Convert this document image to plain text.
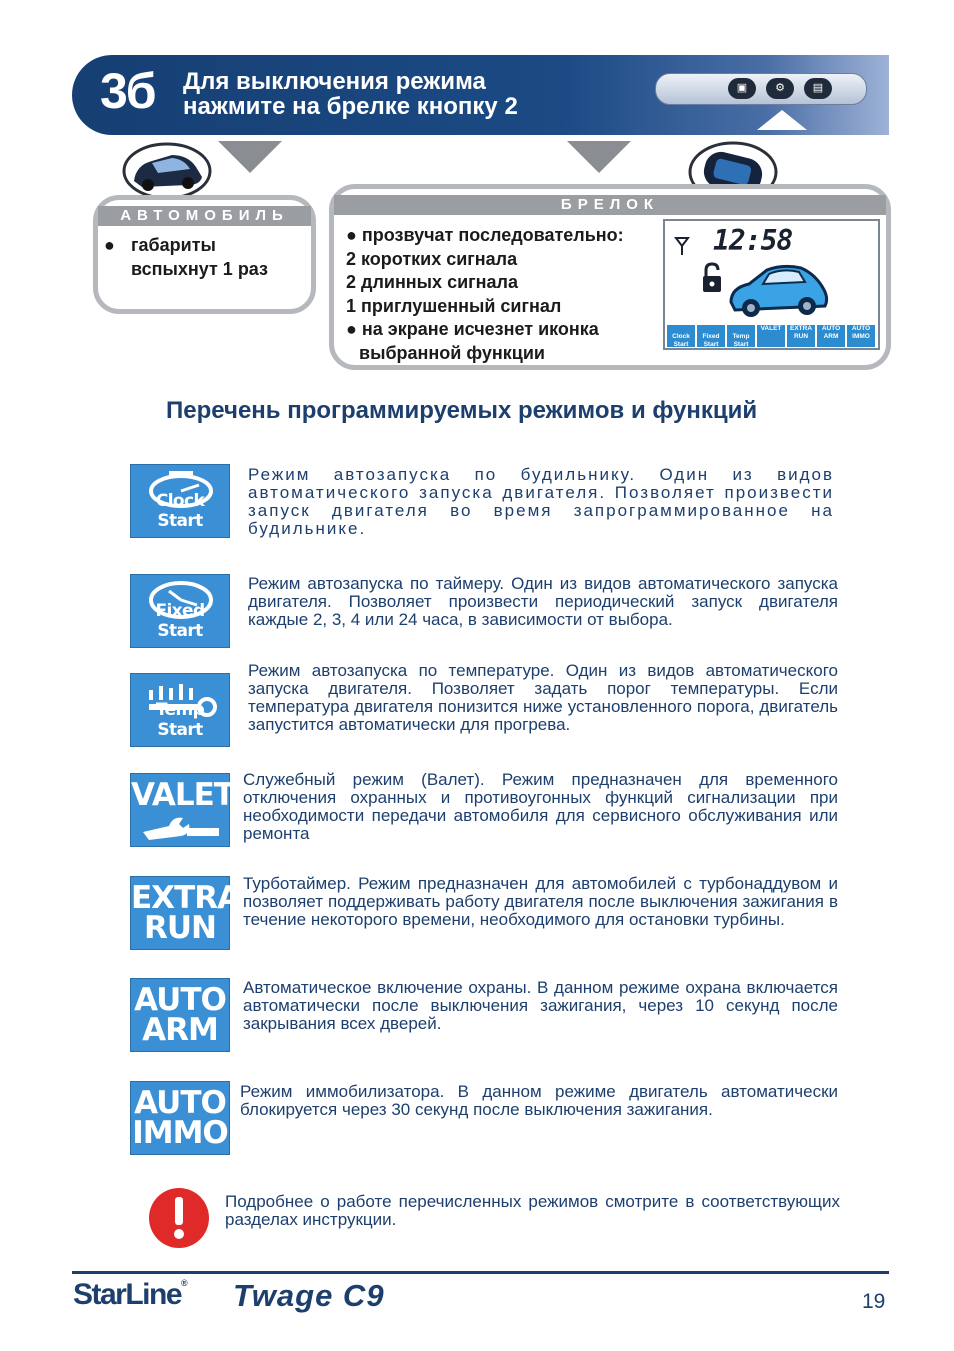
3б Для выключения режима
нажмите на брелке кнопку 2
▣	⚙	▤
АВТОМОБИЛЬ
● габариты
вспыхнут 1 раз
БРЕЛОК
● прозвучат последовательно:
2 коротких сигнала
2 длинных сигнала
1 приглушенный сигнал
● на экране исчезнет иконка
выбранной функции
12:58

Clock Start

Fixed Start

Temp Start
VALET	EXTRA RUN
AUTO ARM
AUTO IMMO
Перечень программируемых режимов и функций
Clock Start
Режим автозапуска по будильнику. Один из видов автоматического запуска двигателя. Позволяет произвести запуск двигателя во время запрограммированное на будильнике.
Fixed Start
Режим автозапуска по таймеру. Один из видов автоматического запуска двигателя. Позволяет произвести периодический запуск двигателя каждые 2, 3, 4 или 24 часа, в зависимости от выбора.
Temp Start
Режим автозапуска по температуре. Один из видов автоматического запуска двигателя. Позволяет задать порог температуры. Если температура двигателя понизится ниже установленного порога, двигатель запустится автоматически для прогрева.
VALET Служебный режим (Валет). Режим предназначен для временного отключения охранных и противоугонных функций сигнализации при необходимости передачи автомобиля для сервисного обслуживания или ремонта
EXTRA
RUN
Турботаймер. Режим предназначен для автомобилей с турбонаддувом и позволяет поддерживать работу двигателя после выключения зажигания в течение некоторого времени, необходимого для остановки турбины.
AUTO
ARM
Автоматическое включение охраны. В данном режиме охрана включается автоматически после выключения зажигания, через 10 секунд после закрывания всех дверей.
AUTO
IMMO
Режим иммобилизатора. В данном режиме двигатель автоматически блокируется через 30 секунд после выключения зажигания.
Подробнее о работе перечисленных режимов смотрите в соответствующих разделах инструкции.
StarLine® Twage C9	19
